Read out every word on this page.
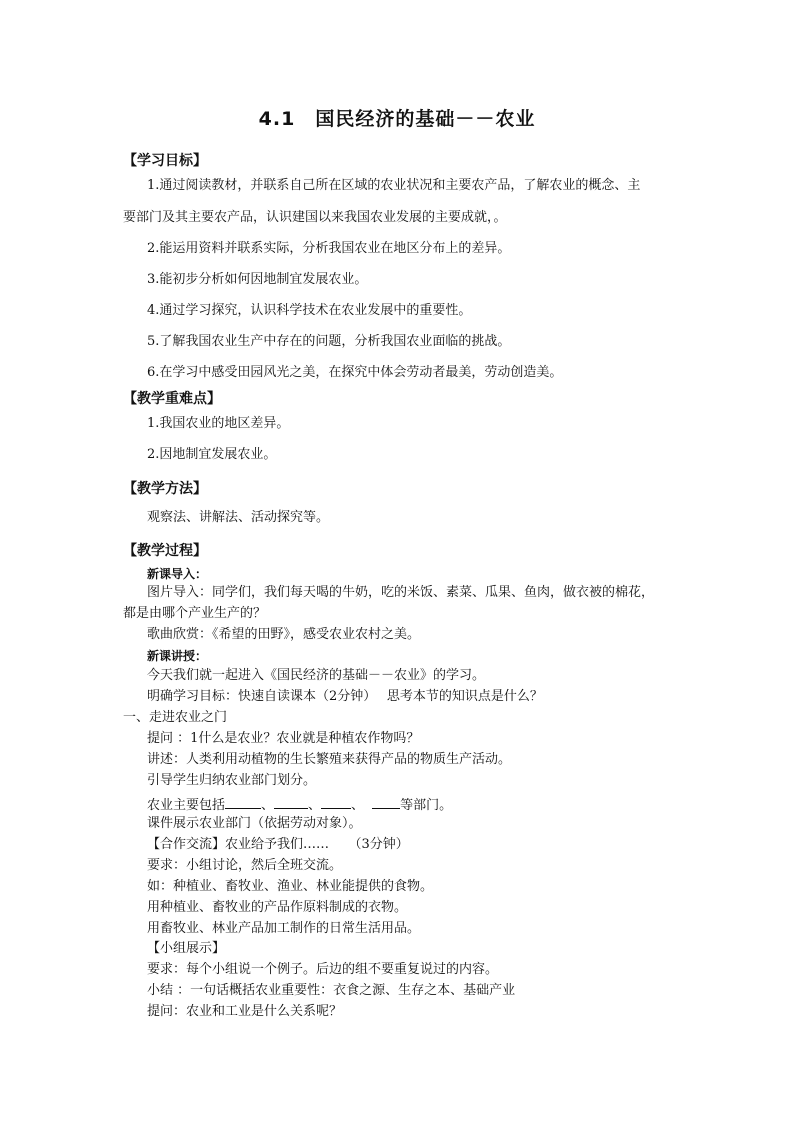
4.1　国民经济的基础－－农业
【学习目标】
1.通过阅读教材，并联系自己所在区域的农业状况和主要农产品，了解农业的概念、主
要部门及其主要农产品，认识建国以来我国农业发展的主要成就，。
2.能运用资料并联系实际，分析我国农业在地区分布上的差异。
3.能初步分析如何因地制宜发展农业。
4.通过学习探究，认识科学技术在农业发展中的重要性。
5.了解我国农业生产中存在的问题，分析我国农业面临的挑战。
6.在学习中感受田园风光之美，在探究中体会劳动者最美，劳动创造美。
【教学重难点】
1.我国农业的地区差异。
2.因地制宜发展农业。
【教学方法】
观察法、讲解法、活动探究等。
【教学过程】
新课导入：
图片导入：同学们，我们每天喝的牛奶，吃的米饭、素菜、瓜果、鱼肉，做衣被的棉花，
都是由哪个产业生产的？
歌曲欣赏：《希望的田野》，感受农业农村之美。
新课讲授：
今天我们就一起进入《国民经济的基础－－农业》的学习。
明确学习目标：快速自读课本（2分钟）　 思考本节的知识点是什么？
一、走进农业之门
提问 ：1什么是农业？农业就是种植农作物吗？
讲述：人类利用动植物的生长繁殖来获得产品的物质生产活动。
引导学生归纳农业部门划分。
农业主要包括	、	、 、	等部门。
课件展示农业部门（依据劳动对象）。
【合作交流】农业给予我们……　　（3分钟）
要求：小组讨论，然后全班交流。
如：种植业、畜牧业、渔业、林业能提供的食物。
用种植业、畜牧业的产品作原料制成的衣物。
用畜牧业、林业产品加工制作的日常生活用品。
【小组展示】
要求：每个小组说一个例子。后边的组不要重复说过的内容。
小结 ：一句话概括农业重要性：衣食之源、生存之本、基础产业
提问：农业和工业是什么关系呢？
